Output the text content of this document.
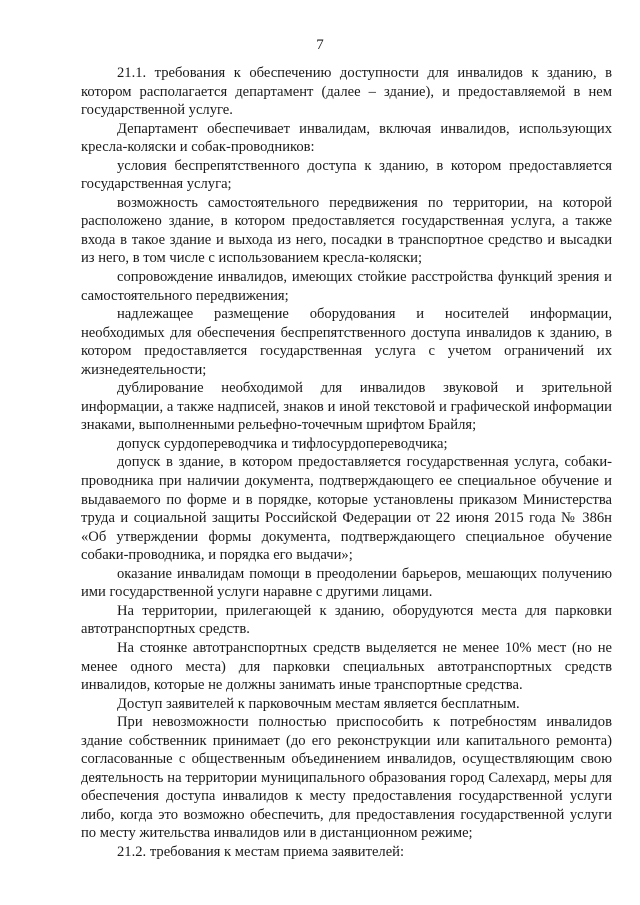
7

21.1. требования к обеспечению доступности для инвалидов к зданию, в котором располагается департамент (далее – здание), и предоставляемой в нем государственной услуге.

Департамент обеспечивает инвалидам, включая инвалидов, использующих кресла-коляски и собак-проводников:

условия беспрепятственного доступа к зданию, в котором предоставляется государственная услуга;

возможность самостоятельного передвижения по территории, на которой расположено здание, в котором предоставляется государственная услуга, а также входа в такое здание и выхода из него, посадки в транспортное средство и высадки из него, в том числе с использованием кресла-коляски;

сопровождение инвалидов, имеющих стойкие расстройства функций зрения и самостоятельного передвижения;

надлежащее размещение оборудования и носителей информации, необходимых для обеспечения беспрепятственного доступа инвалидов к зданию, в котором предоставляется государственная услуга с учетом ограничений их жизнедеятельности;

дублирование необходимой для инвалидов звуковой и зрительной информации, а также надписей, знаков и иной текстовой и графической информации знаками, выполненными рельефно-точечным шрифтом Брайля;

допуск сурдопереводчика и тифлосурдопереводчика;

допуск в здание, в котором предоставляется государственная услуга, собаки-проводника при наличии документа, подтверждающего ее специальное обучение и выдаваемого по форме и в порядке, которые установлены приказом Министерства труда и социальной защиты Российской Федерации от 22 июня 2015 года № 386н «Об утверждении формы документа, подтверждающего специальное обучение собаки-проводника, и порядка его выдачи»;

оказание инвалидам помощи в преодолении барьеров, мешающих получению ими государственной услуги наравне с другими лицами.

На территории, прилегающей к зданию, оборудуются места для парковки автотранспортных средств.

На стоянке автотранспортных средств выделяется не менее 10% мест (но не менее одного места) для парковки специальных автотранспортных средств инвалидов, которые не должны занимать иные транспортные средства.

Доступ заявителей к парковочным местам является бесплатным.

При невозможности полностью приспособить к потребностям инвалидов здание собственник принимает (до его реконструкции или капитального ремонта) согласованные с общественным объединением инвалидов, осуществляющим свою деятельность на территории муниципального образования город Салехард, меры для обеспечения доступа инвалидов к месту предоставления государственной услуги либо, когда это возможно обеспечить, для предоставления государственной услуги по месту жительства инвалидов или в дистанционном режиме;

21.2. требования к местам приема заявителей:
